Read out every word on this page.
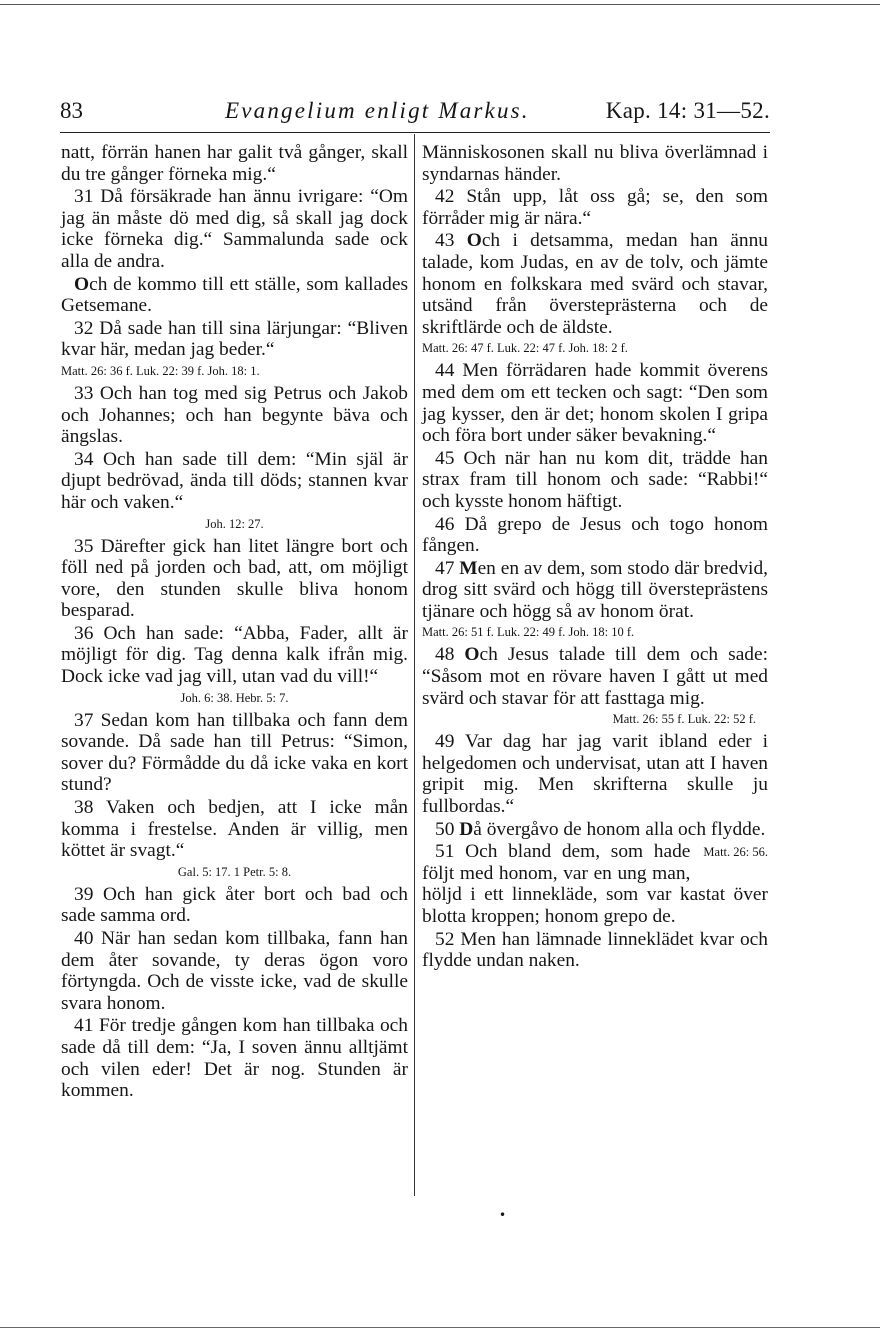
83	Evangelium enligt Markus.	Kap. 14: 31—52.

natt, förrän hanen har galit två gånger, skall du tre gånger förneka mig.“

31 Då försäkrade han ännu ivrigare: “Om jag än måste dö med dig, så skall jag dock icke förneka dig.“ Sammalunda sade ock alla de andra.

Och de kommo till ett ställe, som kallades Getsemane.

32 Då sade han till sina lärjungar: “Bliven kvar här, medan jag beder.“

Matt. 26: 36 f. Luk. 22: 39 f. Joh. 18: 1.

33 Och han tog med sig Petrus och Jakob och Johannes; och han begynte bäva och ängslas.

34 Och han sade till dem: “Min själ är djupt bedrövad, ända till döds; stannen kvar här och vaken.“

Joh. 12: 27.

35 Därefter gick han litet längre bort och föll ned på jorden och bad, att, om möjligt vore, den stunden skulle bliva honom besparad.

36 Och han sade: “Abba, Fader, allt är möjligt för dig. Tag denna kalk ifrån mig. Dock icke vad jag vill, utan vad du vill!“

Joh. 6: 38. Hebr. 5: 7.

37 Sedan kom han tillbaka och fann dem sovande. Då sade han till Petrus: “Simon, sover du? Förmådde du då icke vaka en kort stund?

38 Vaken och bedjen, att I icke mån komma i frestelse. Anden är villig, men köttet är svagt.“

Gal. 5: 17. 1 Petr. 5: 8.

39 Och han gick åter bort och bad och sade samma ord.

40 När han sedan kom tillbaka, fann han dem åter sovande, ty deras ögon voro förtyngda. Och de visste icke, vad de skulle svara honom.

41 För tredje gången kom han tillbaka och sade då till dem: “Ja, I soven ännu alltjämt och vilen eder! Det är nog. Stunden är kommen.

Människosonen skall nu bliva överlämnad i syndarnas händer.

42 Stån upp, låt oss gå; se, den som förråder mig är nära.“

43 Och i detsamma, medan han ännu talade, kom Judas, en av de tolv, och jämte honom en folkskara med svärd och stavar, utsänd från översteprästerna och de skriftlärde och de äldste.

Matt. 26: 47 f. Luk. 22: 47 f. Joh. 18: 2 f.

44 Men förrädaren hade kommit överens med dem om ett tecken och sagt: “Den som jag kysser, den är det; honom skolen I gripa och föra bort under säker bevakning.“

45 Och när han nu kom dit, trädde han strax fram till honom och sade: “Rabbi!“ och kysste honom häftigt.

46 Då grepo de Jesus och togo honom fången.

47 Men en av dem, som stodo där bredvid, drog sitt svärd och högg till översteprästens tjänare och högg så av honom örat.

Matt. 26: 51 f. Luk. 22: 49 f. Joh. 18: 10 f.

48 Och Jesus talade till dem och sade: “Såsom mot en rövare haven I gått ut med svärd och stavar för att fasttaga mig.

Matt. 26: 55 f. Luk. 22: 52 f.

49 Var dag har jag varit ibland eder i helgedomen och undervisat, utan att I haven gripit mig. Men skrifterna skulle ju fullbordas.“

50 Då övergåvo de honom alla och flydde.
Matt. 26: 56.

51 Och bland dem, som hade följt med honom, var en ung man, höljd i ett linnekläde, som var kastat över blotta kroppen; honom grepo de.

52 Men han lämnade linneklädet kvar och flydde undan naken.

•
